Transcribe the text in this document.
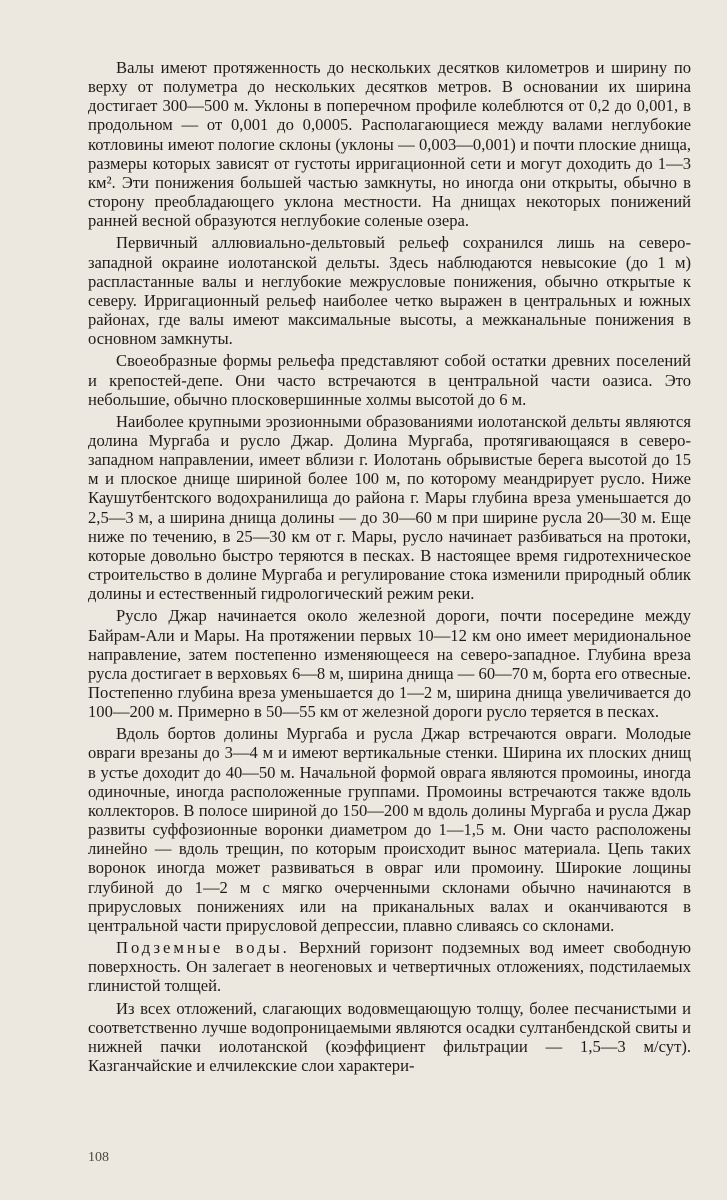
Валы имеют протяженность до нескольких десятков километров и ширину по верху от полуметра до нескольких десятков метров. В основании их ширина достигает 300—500 м. Уклоны в поперечном профиле колеблются от 0,2 до 0,001, в продольном — от 0,001 до 0,0005. Располагающиеся между валами неглубокие котловины имеют пологие склоны (уклоны — 0,003—0,001) и почти плоские днища, размеры которых зависят от густоты ирригационной сети и могут доходить до 1—3 км². Эти понижения большей частью замкнуты, но иногда они открыты, обычно в сторону преобладающего уклона местности. На днищах некоторых понижений ранней весной образуются неглубокие соленые озера.

Первичный аллювиально-дельтовый рельеф сохранился лишь на северо-западной окраине иолотанской дельты. Здесь наблюдаются невысокие (до 1 м) распластанные валы и неглубокие межрусловые понижения, обычно открытые к северу. Ирригационный рельеф наиболее четко выражен в центральных и южных районах, где валы имеют максимальные высоты, а межканальные понижения в основном замкнуты.

Своеобразные формы рельефа представляют собой остатки древних поселений и крепостей-депе. Они часто встречаются в центральной части оазиса. Это небольшие, обычно плосковершинные холмы высотой до 6 м.

Наиболее крупными эрозионными образованиями иолотанской дельты являются долина Мургаба и русло Джар. Долина Мургаба, протягивающаяся в северо-западном направлении, имеет вблизи г. Иолотань обрывистые берега высотой до 15 м и плоское днище шириной более 100 м, по которому меандрирует русло. Ниже Каушутбентского водохранилища до района г. Мары глубина вреза уменьшается до 2,5—3 м, а ширина днища долины — до 30—60 м при ширине русла 20—30 м. Еще ниже по течению, в 25—30 км от г. Мары, русло начинает разбиваться на протоки, которые довольно быстро теряются в песках. В настоящее время гидротехническое строительство в долине Мургаба и регулирование стока изменили природный облик долины и естественный гидрологический режим реки.

Русло Джар начинается около железной дороги, почти посередине между Байрам-Али и Мары. На протяжении первых 10—12 км оно имеет меридиональное направление, затем постепенно изменяющееся на северо-западное. Глубина вреза русла достигает в верховьях 6—8 м, ширина днища — 60—70 м, борта его отвесные. Постепенно глубина вреза уменьшается до 1—2 м, ширина днища увеличивается до 100—200 м. Примерно в 50—55 км от железной дороги русло теряется в песках.

Вдоль бортов долины Мургаба и русла Джар встречаются овраги. Молодые овраги врезаны до 3—4 м и имеют вертикальные стенки. Ширина их плоских днищ в устье доходит до 40—50 м. Начальной формой оврага являются промоины, иногда одиночные, иногда расположенные группами. Промоины встречаются также вдоль коллекторов. В полосе шириной до 150—200 м вдоль долины Мургаба и русла Джар развиты суффозионные воронки диаметром до 1—1,5 м. Они часто расположены линейно — вдоль трещин, по которым происходит вынос материала. Цепь таких воронок иногда может развиваться в овраг или промоину. Широкие лощины глубиной до 1—2 м с мягко очерченными склонами обычно начинаются в прирусловых понижениях или на приканальных валах и оканчиваются в центральной части прирусловой депрессии, плавно сливаясь со склонами.

Подземные воды. Верхний горизонт подземных вод имеет свободную поверхность. Он залегает в неогеновых и четвертичных отложениях, подстилаемых глинистой толщей.

Из всех отложений, слагающих водовмещающую толщу, более песчанистыми и соответственно лучше водопроницаемыми являются осадки султанбендской свиты и нижней пачки иолотанской (коэффициент фильтрации — 1,5—3 м/сут). Казганчайские и елчилекские слои характери-

108
